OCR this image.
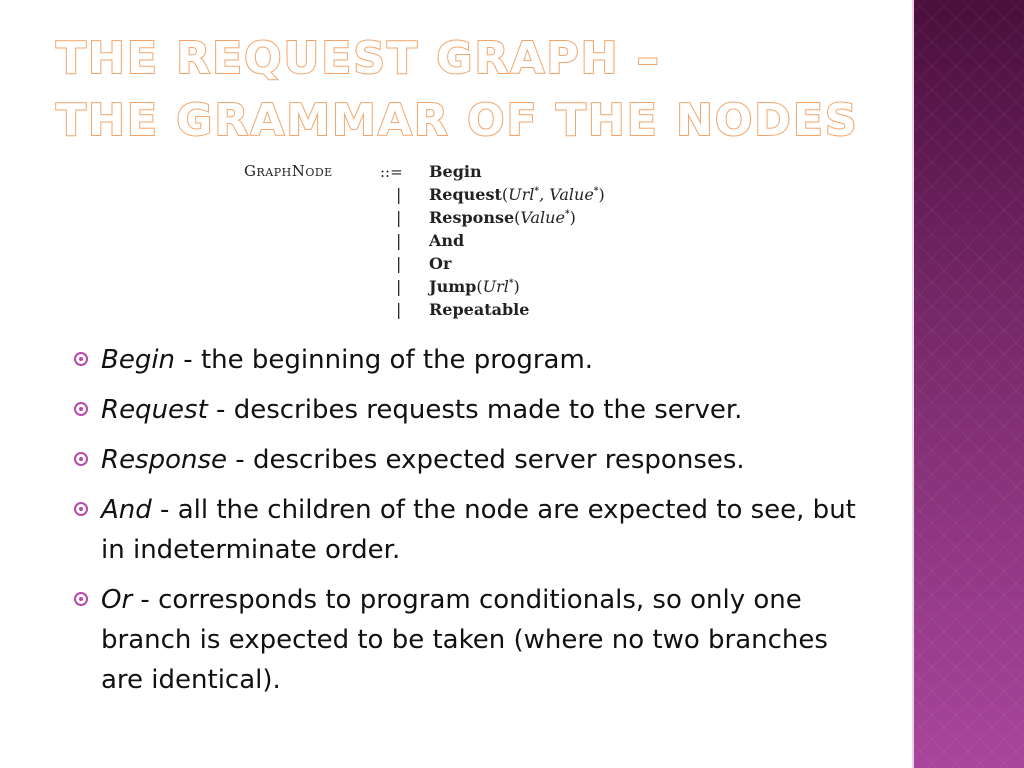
THE REQUEST GRAPH –
THE GRAMMAR OF THE NODES
GraphNode	::= Begin
| Request(Url*, Value*)
| Response(Value*)
| And
| Or
| Jump(Url*)
| Repeatable
Begin - the beginning of the program.
Request - describes requests made to the server.
Response - describes expected server responses.
And - all the children of the node are expected to see, but in indeterminate order.
Or - corresponds to program conditionals, so only one branch is expected to be taken (where no two branches are identical).
